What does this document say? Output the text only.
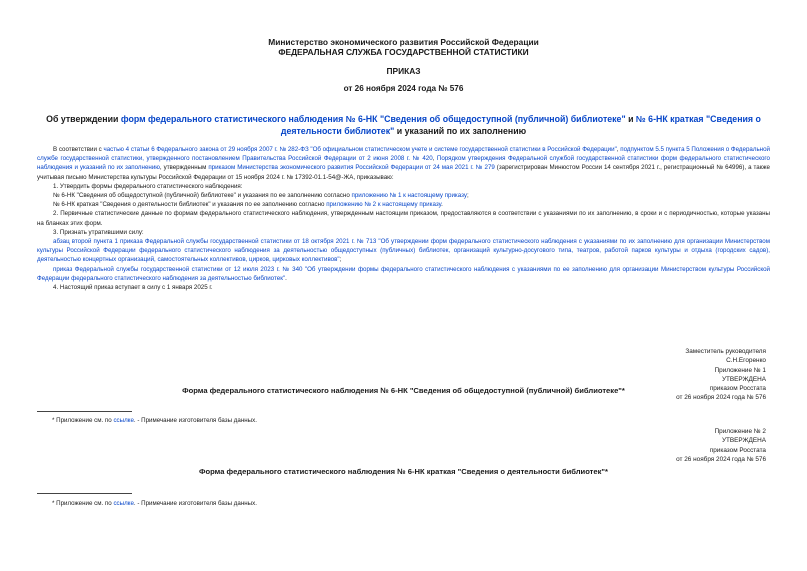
Министерство экономического развития Российской Федерации
ФЕДЕРАЛЬНАЯ СЛУЖБА ГОСУДАРСТВЕННОЙ СТАТИСТИКИ
ПРИКАЗ
от 26 ноября 2024 года № 576
Об утверждении форм федерального статистического наблюдения № 6-НК "Сведения об общедоступной (публичной) библиотеке" и № 6-НК краткая "Сведения о деятельности библиотек" и указаний по их заполнению

В соответствии с частью 4 статьи 6 Федерального закона от 29 ноября 2007 г. № 282-ФЗ "Об официальном статистическом учете и системе государственной статистики в Российской Федерации", подпунктом 5.5 пункта 5 Положения о Федеральной службе государственной статистики, утвержденного постановлением Правительства Российской Федерации от 2 июня 2008 г. № 420, Порядком утверждения Федеральной службой государственной статистики форм федерального статистического наблюдения и указаний по их заполнению, утвержденным приказом Министерства экономического развития Российской Федерации от 24 мая 2021 г. № 279 (зарегистрирован Минюстом России 14 сентября 2021 г., регистрационный № 64996), а также учитывая письмо Министерства культуры Российской Федерации от 15 ноября 2024 г. № 17392-01.1-54@-ЖА, приказываю:

1. Утвердить формы федерального статистического наблюдения:

№ 6-НК "Сведения об общедоступной (публичной) библиотеке" и указания по ее заполнению согласно приложению № 1 к настоящему приказу;

№ 6-НК краткая "Сведения о деятельности библиотек" и указания по ее заполнению согласно приложению № 2 к настоящему приказу.

2. Первичные статистические данные по формам федерального статистического наблюдения, утвержденным настоящим приказом, предоставляются в соответствии с указаниями по их заполнению, в сроки и с периодичностью, которые указаны на бланках этих форм.

3. Признать утратившими силу:

абзац второй пункта 1 приказа Федеральной службы государственной статистики от 18 октября 2021 г. № 713 "Об утверждении форм федерального статистического наблюдения с указаниями по их заполнению для организации Министерством культуры Российской Федерации федерального статистического наблюдения за деятельностью общедоступных (публичных) библиотек, организаций культурно-досугового типа, театров, работой парков культуры и отдыха (городских садов), деятельностью концертных организаций, самостоятельных коллективов, цирков, цирковых коллективов";

приказ Федеральной службы государственной статистики от 12 июля 2023 г. № 340 "Об утверждении формы федерального статистического наблюдения с указаниями по ее заполнению для организации Министерством культуры Российской Федерации федерального статистического наблюдения за деятельностью библиотек".

4. Настоящий приказ вступает в силу с 1 января 2025 г.

Заместитель руководителя
С.Н.Егоренко
Приложение № 1
УТВЕРЖДЕНА
приказом Росстата
от 26 ноября 2024 года № 576
Форма федерального статистического наблюдения № 6-НК "Сведения об общедоступной (публичной) библиотеке"*
* Приложение см. по ссылке. - Примечание изготовителя базы данных.
Приложение № 2
УТВЕРЖДЕНА
приказом Росстата
от 26 ноября 2024 года № 576
Форма федерального статистического наблюдения № 6-НК краткая "Сведения о деятельности библиотек"*
* Приложение см. по ссылке. - Примечание изготовителя базы данных.
